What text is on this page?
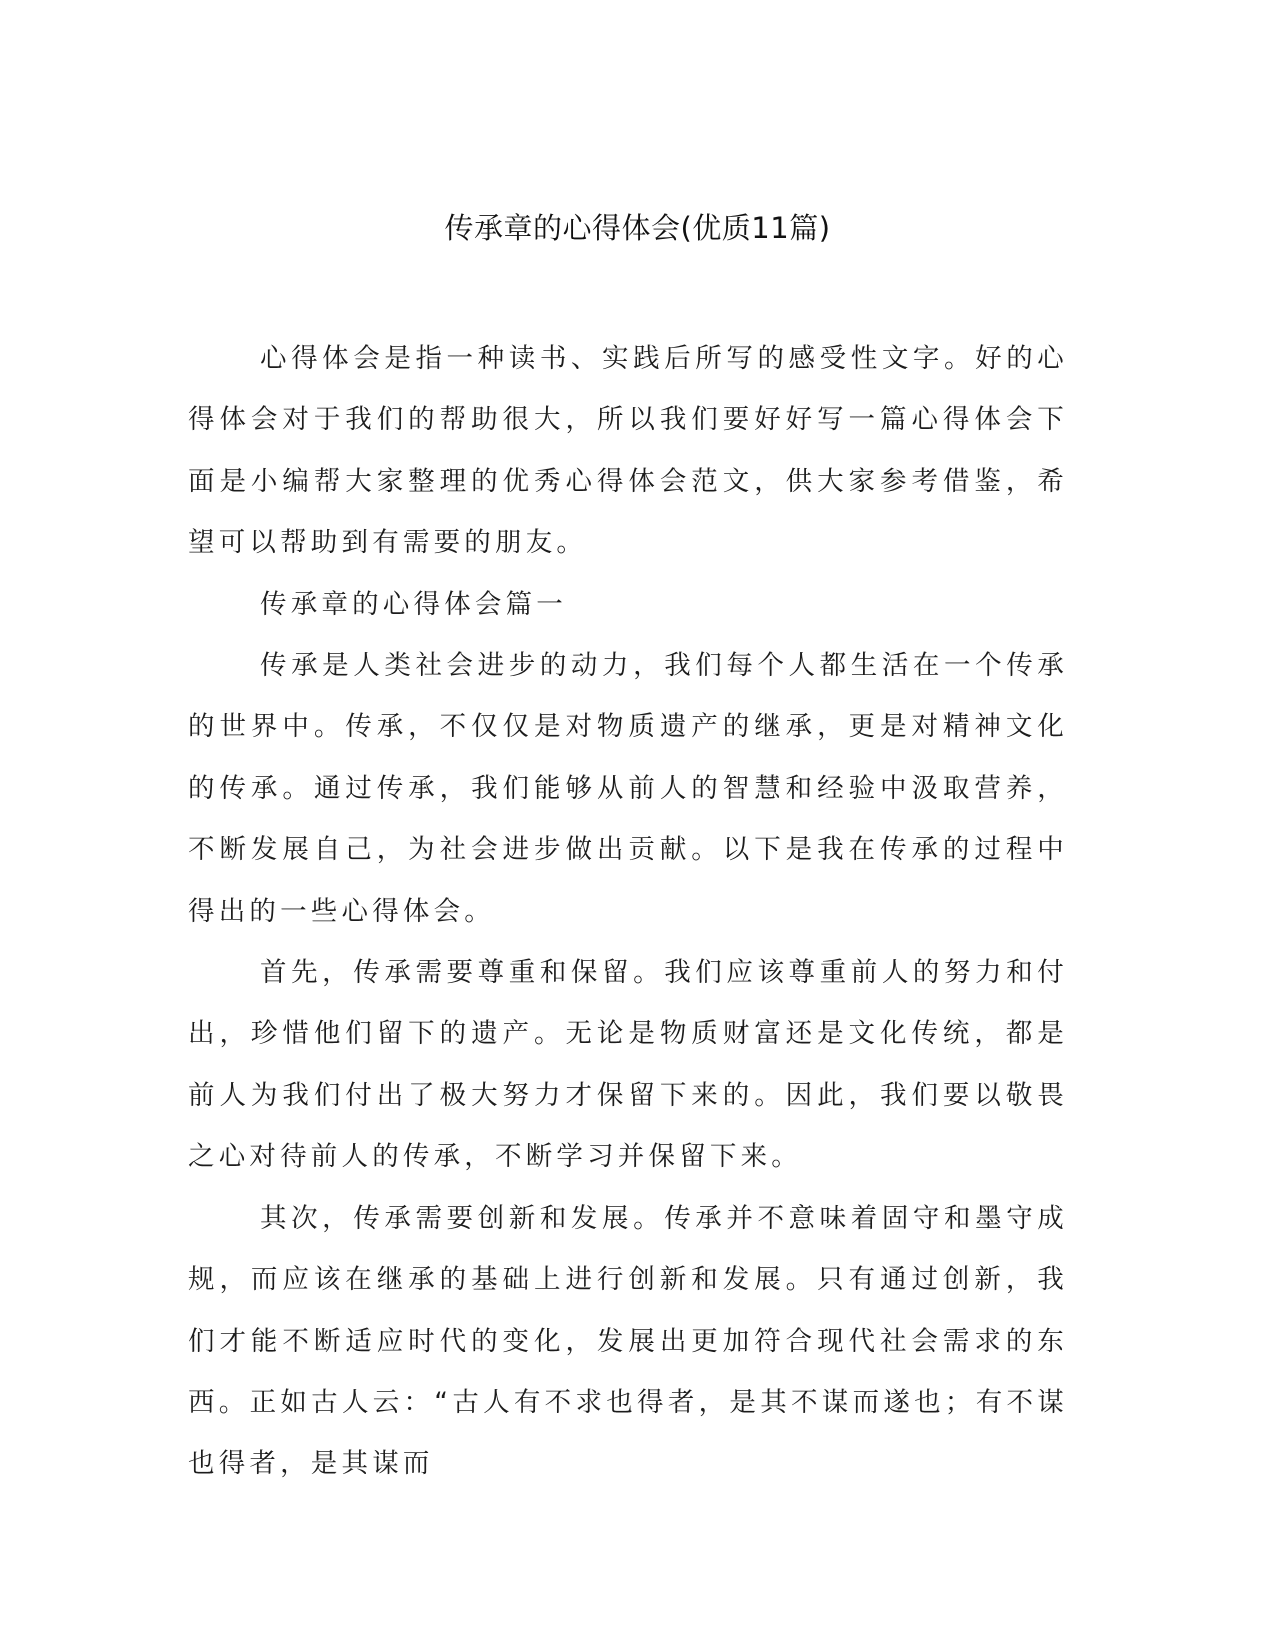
传承章的心得体会(优质11篇)

心得体会是指一种读书、实践后所写的感受性文字。好的心得体会对于我们的帮助很大，所以我们要好好写一篇心得体会下面是小编帮大家整理的优秀心得体会范文，供大家参考借鉴，希望可以帮助到有需要的朋友。

传承章的心得体会篇一

传承是人类社会进步的动力，我们每个人都生活在一个传承的世界中。传承，不仅仅是对物质遗产的继承，更是对精神文化的传承。通过传承，我们能够从前人的智慧和经验中汲取营养，不断发展自己，为社会进步做出贡献。以下是我在传承的过程中得出的一些心得体会。

首先，传承需要尊重和保留。我们应该尊重前人的努力和付出，珍惜他们留下的遗产。无论是物质财富还是文化传统，都是前人为我们付出了极大努力才保留下来的。因此，我们要以敬畏之心对待前人的传承，不断学习并保留下来。

其次，传承需要创新和发展。传承并不意味着固守和墨守成规，而应该在继承的基础上进行创新和发展。只有通过创新，我们才能不断适应时代的变化，发展出更加符合现代社会需求的东西。正如古人云：“古人有不求也得者，是其不谋而遂也；有不谋也得者，是其谋而
